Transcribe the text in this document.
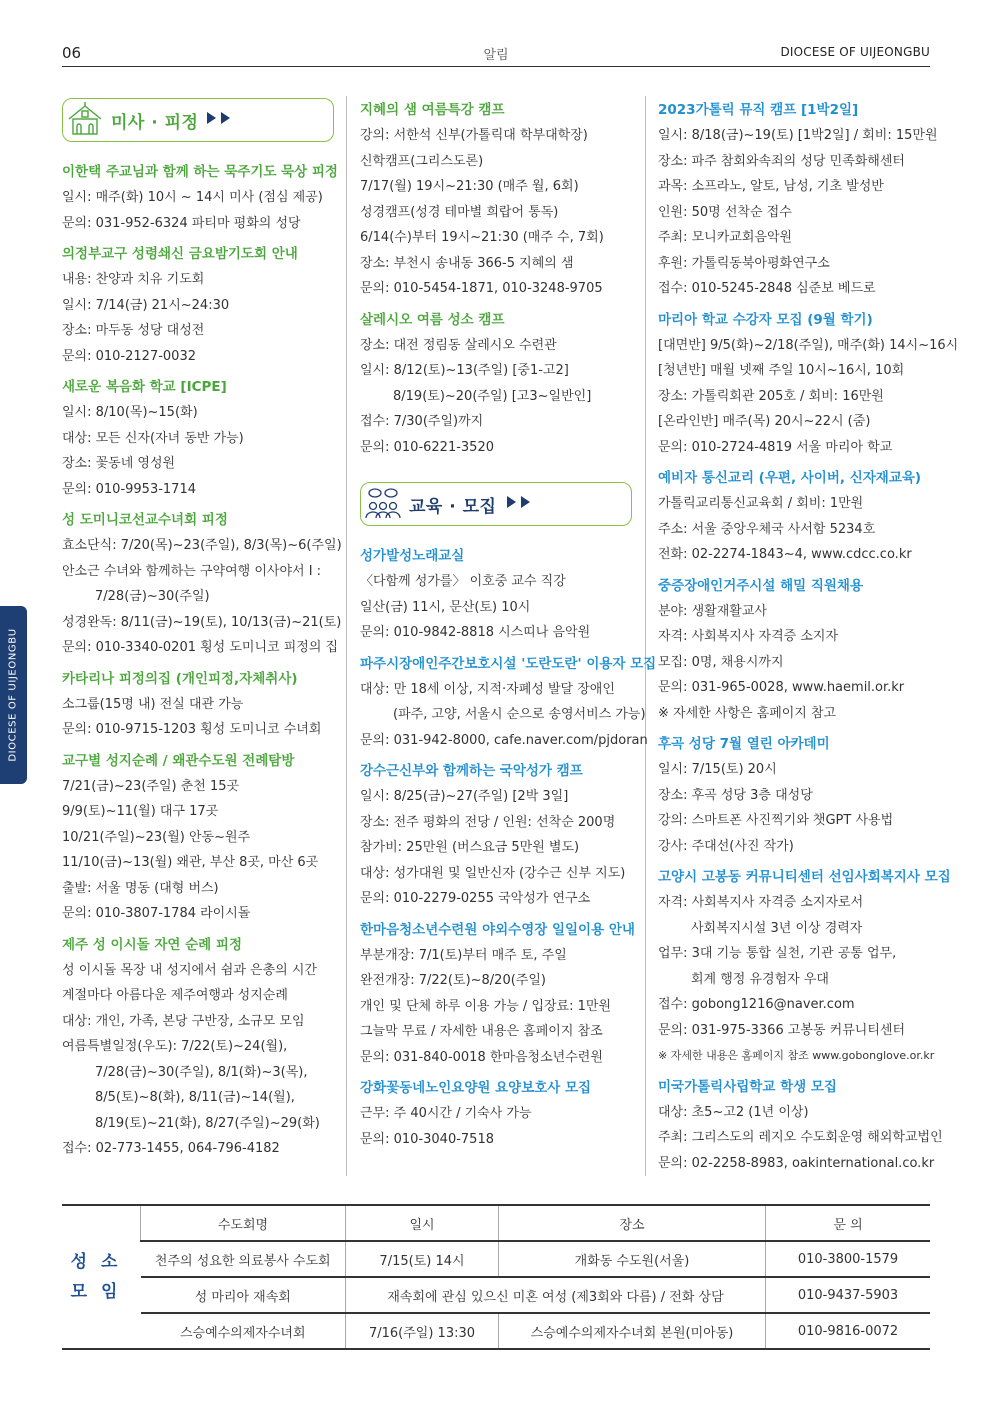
06	알림	DIOCESE OF UIJEONGBU
DIOCESE OF UIJEONGBU
미사 · 피정
이한택 주교님과 함께 하는 묵주기도 묵상 피정
일시: 매주(화) 10시 ~ 14시 미사 (점심 제공)
문의: 031-952-6324 파티마 평화의 성당
의정부교구 성령쇄신 금요밤기도회 안내
내용: 찬양과 치유 기도회
일시: 7/14(금) 21시~24:30
장소: 마두동 성당 대성전
문의: 010-2127-0032
새로운 복음화 학교 [ICPE]
일시: 8/10(목)~15(화)
대상: 모든 신자(자녀 동반 가능)
장소: 꽃동네 영성원
문의: 010-9953-1714
성 도미니코선교수녀회 피정
효소단식: 7/20(목)~23(주일), 8/3(목)~6(주일)
안소근 수녀와 함께하는 구약여행 이사야서 I :
7/28(금)~30(주일)
성경완독: 8/11(금)~19(토), 10/13(금)~21(토)
문의: 010-3340-0201 횡성 도미니코 피정의 집
카타리나 피정의집 (개인피정,자체취사)
소그룹(15명 내) 전실 대관 가능
문의: 010-9715-1203 횡성 도미니코 수녀회
교구별 성지순례 / 왜관수도원 전례탐방
7/21(금)~23(주일) 춘천 15곳
9/9(토)~11(월) 대구 17곳
10/21(주일)~23(월) 안동~원주
11/10(금)~13(월) 왜관, 부산 8곳, 마산 6곳
출발: 서울 명동 (대형 버스)
문의: 010-3807-1784 라이시돌
제주 성 이시돌 자연 순례 피정
성 이시돌 목장 내 성지에서 쉼과 은총의 시간
계절마다 아름다운 제주여행과 성지순례
대상: 개인, 가족, 본당 구반장, 소규모 모임
여름특별일정(우도): 7/22(토)~24(월),
7/28(금)~30(주일), 8/1(화)~3(목),
8/5(토)~8(화), 8/11(금)~14(월),
8/19(토)~21(화), 8/27(주일)~29(화)
접수: 02-773-1455, 064-796-4182
지혜의 샘 여름특강 캠프
강의: 서한석 신부(가톨릭대 학부대학장)
신학캠프(그리스도론)
7/17(월) 19시~21:30 (매주 월, 6회)
성경캠프(성경 테마별 희랍어 통독)
6/14(수)부터 19시~21:30 (매주 수, 7회)
장소: 부천시 송내동 366-5 지혜의 샘
문의: 010-5454-1871, 010-3248-9705
살레시오 여름 성소 캠프
장소: 대전 정림동 살레시오 수련관
일시: 8/12(토)~13(주일) [중1-고2]
8/19(토)~20(주일) [고3~일반인]
접수: 7/30(주일)까지
문의: 010-6221-3520
교육 · 모집
성가발성노래교실
〈다함께 성가를〉 이호중 교수 직강
일산(금) 11시, 문산(토) 10시
문의: 010-9842-8818 시스띠나 음악원
파주시장애인주간보호시설 '도란도란' 이용자 모집
대상: 만 18세 이상, 지적·자폐성 발달 장애인
(파주, 고양, 서울시 순으로 송영서비스 가능)
문의: 031-942-8000, cafe.naver.com/pjdoran
강수근신부와 함께하는 국악성가 캠프
일시: 8/25(금)~27(주일) [2박 3일]
장소: 전주 평화의 전당 / 인원: 선착순 200명
참가비: 25만원 (버스요금 5만원 별도)
대상: 성가대원 및 일반신자 (강수근 신부 지도)
문의: 010-2279-0255 국악성가 연구소
한마음청소년수련원 야외수영장 일일이용 안내
부분개장: 7/1(토)부터 매주 토, 주일
완전개장: 7/22(토)~8/20(주일)
개인 및 단체 하루 이용 가능 / 입장료: 1만원
그늘막 무료 / 자세한 내용은 홈페이지 참조
문의: 031-840-0018 한마음청소년수련원
강화꽃동네노인요양원 요양보호사 모집
근무: 주 40시간 / 기숙사 가능
문의: 010-3040-7518
2023가톨릭 뮤직 캠프 [1박2일]
일시: 8/18(금)~19(토) [1박2일] / 회비: 15만원
장소: 파주 참회와속죄의 성당 민족화해센터
과목: 소프라노, 알토, 남성, 기초 발성반
인원: 50명 선착순 접수
주최: 모니카교회음악원
후원: 가톨릭동북아평화연구소
접수: 010-5245-2848 심준보 베드로
마리아 학교 수강자 모집 (9월 학기)
[대면반] 9/5(화)~2/18(주일), 매주(화) 14시~16시
[청년반] 매월 넷째 주일 10시~16시, 10회
장소: 가톨릭회관 205호 / 회비: 16만원
[온라인반] 매주(목) 20시~22시 (줌)
문의: 010-2724-4819 서울 마리아 학교
예비자 통신교리 (우편, 사이버, 신자재교육)
가톨릭교리통신교육회 / 회비: 1만원
주소: 서울 중앙우체국 사서함 5234호
전화: 02-2274-1843~4, www.cdcc.co.kr
중증장애인거주시설 해밀 직원채용
분야: 생활재활교사
자격: 사회복지사 자격증 소지자
모집: 0명, 채용시까지
문의: 031-965-0028, www.haemil.or.kr
※ 자세한 사항은 홈페이지 참고
후곡 성당 7월 열린 아카데미
일시: 7/15(토) 20시
장소: 후곡 성당 3층 대성당
강의: 스마트폰 사진찍기와 챗GPT 사용법
강사: 주대선(사진 작가)
고양시 고봉동 커뮤니티센터 선임사회복지사 모집
자격: 사회복지사 자격증 소지자로서
사회복지시설 3년 이상 경력자
업무: 3대 기능 통합 실천, 기관 공통 업무,
회계 행정 유경험자 우대
접수: gobong1216@naver.com
문의: 031-975-3366 고봉동 커뮤니티센터
※ 자세한 내용은 홈페이지 참조 www.gobonglove.or.kr
미국가톨릭사립학교 학생 모집
대상: 초5~고2 (1년 이상)
주최: 그리스도의 레지오 수도회운영 해외학교법인
문의: 02-2258-8983, oakinternational.co.kr
성소
모임	수도회명	일시	장소	문 의
	천주의 성요한 의료봉사 수도회	7/15(토) 14시	개화동 수도원(서울)	010-3800-1579
	성 마리아 재속회	재속회에 관심 있으신 미혼 여성 (제3회와 다름) / 전화 상담		010-9437-5903
	스승예수의제자수녀회	7/16(주일) 13:30	스승예수의제자수녀회 본원(미아동)	010-9816-0072
